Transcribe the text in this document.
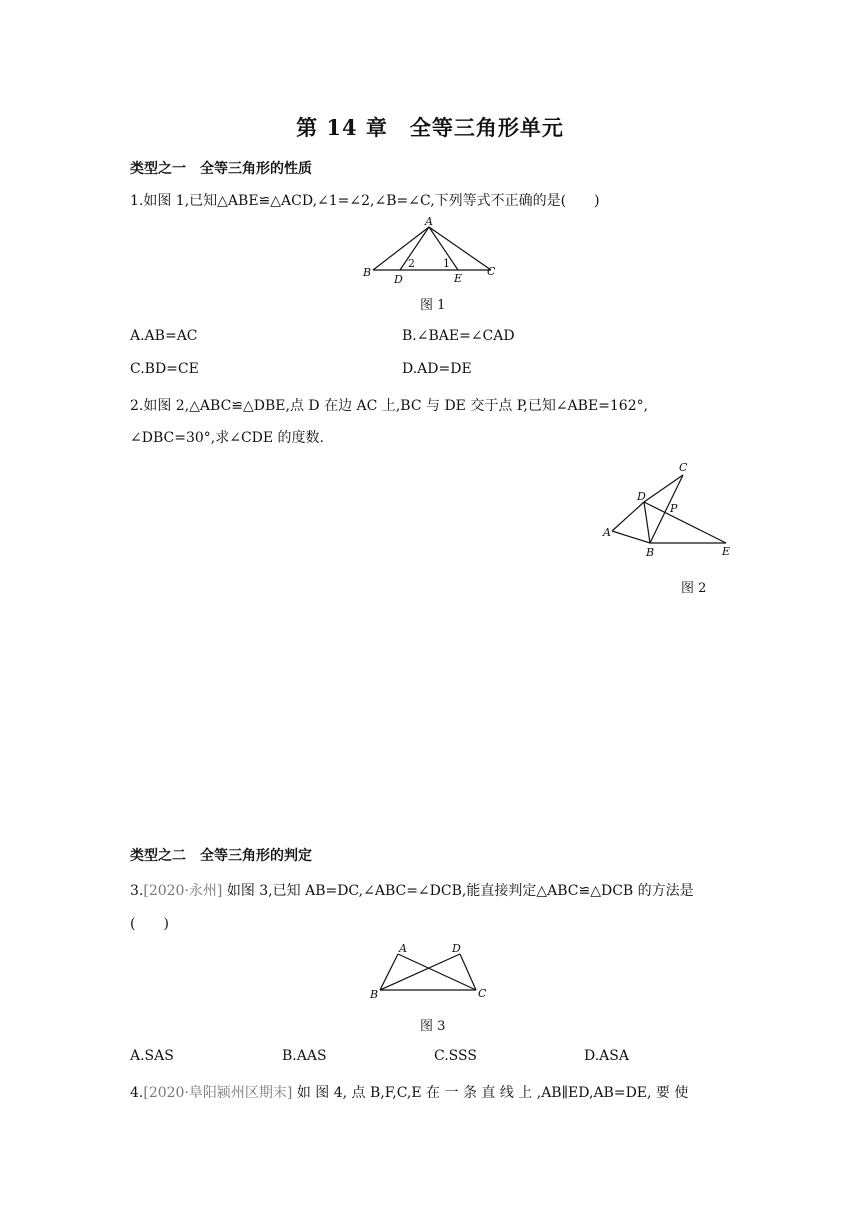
第 14 章　全等三角形单元
类型之一　全等三角形的性质
1.如图 1,已知△ABE≌△ACD,∠1=∠2,∠B=∠C,下列等式不正确的是(　　)
A
B	C
D	E
1
2
图 1
A.AB=AC	B.∠BAE=∠CAD
C.BD=CE	D.AD=DE
2.如图 2,△ABC≌△DBE,点 D 在边 AC 上,BC 与 DE 交于点 P,已知∠ABE=162°,
∠DBC=30°,求∠CDE 的度数.
A
B
C
D
E
P
图 2
类型之二　全等三角形的判定
3.[2020·永州] 如图 3,已知 AB=DC,∠ABC=∠DCB,能直接判定△ABC≌△DCB 的方法是
(　　)
A
B	C
D
图 3
A.SAS	B.AAS	C.SSS	D.ASA
4.[2020·阜阳颍州区期末] 如 图 4, 点 B,F,C,E 在 一 条 直 线 上 ,AB∥ED,AB=DE, 要 使
